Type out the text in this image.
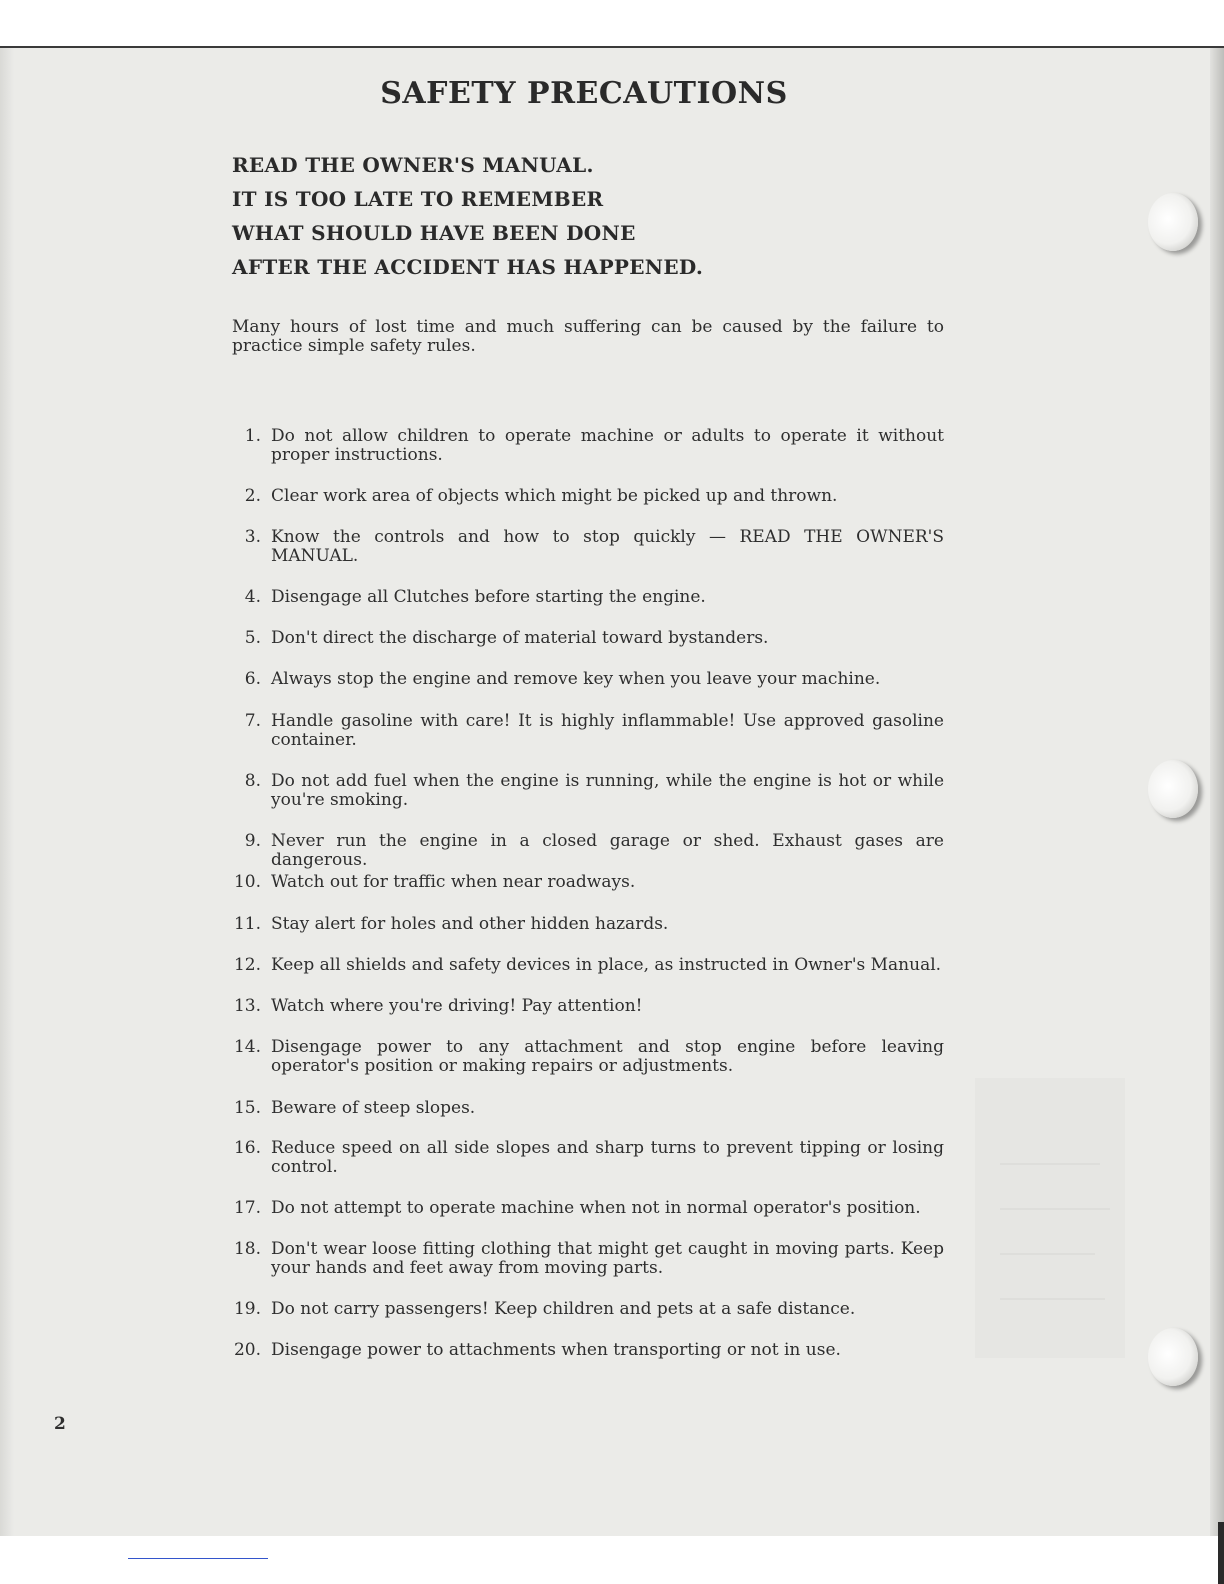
SAFETY PRECAUTIONS
READ THE OWNER'S MANUAL.
IT IS TOO LATE TO REMEMBER
WHAT SHOULD HAVE BEEN DONE
AFTER THE ACCIDENT HAS HAPPENED.

Many hours of lost time and much suffering can be caused by the failure to practice simple safety rules.

1. Do not allow children to operate machine or adults to operate it without proper instructions.
2. Clear work area of objects which might be picked up and thrown.
3. Know the controls and how to stop quickly — READ THE OWNER'S MANUAL.
4. Disengage all Clutches before starting the engine.
5. Don't direct the discharge of material toward bystanders.
6. Always stop the engine and remove key when you leave your machine.
7. Handle gasoline with care! It is highly inflammable! Use approved gasoline container.
8. Do not add fuel when the engine is running, while the engine is hot or while you're smoking.
9. Never run the engine in a closed garage or shed. Exhaust gases are dangerous.
10. Watch out for traffic when near roadways.
11. Stay alert for holes and other hidden hazards.
12. Keep all shields and safety devices in place, as instructed in Owner's Manual.
13. Watch where you're driving! Pay attention!
14. Disengage power to any attachment and stop engine before leaving operator's position or making repairs or adjustments.
15. Beware of steep slopes.
16. Reduce speed on all side slopes and sharp turns to prevent tipping or losing control.
17. Do not attempt to operate machine when not in normal operator's position.
18. Don't wear loose fitting clothing that might get caught in moving parts. Keep your hands and feet away from moving parts.
19. Do not carry passengers! Keep children and pets at a safe distance.
20. Disengage power to attachments when transporting or not in use.
2
